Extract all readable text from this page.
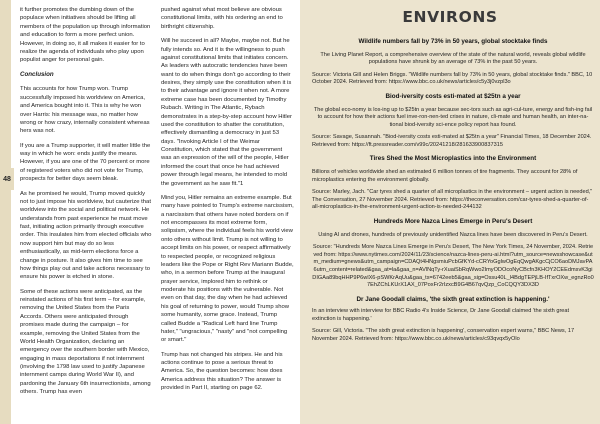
48

it further promotes the dumbing down of the populace when initiatives should be lifting all members of the population up through information and education to form a more perfect union. However, in doing so, it all makes it easier for to realize the agenda of individuals who play upon populist anger for personal gain.

Conclusion

This accounts for how Trump won. Trump successfully imposed his worldview on America, and America bought into it. This is why he won over Harris: his message was, no matter how wrong or how crazy, internally consistent whereas hers was not.

If you are a Trump supporter, it will matter little the way in which he won: ends justify the means. However, if you are one of the 70 percent or more of registered voters who did not vote for Trump, prospects for better days seem bleak.

As he promised he would, Trump moved quickly not to just impose his worldview, but cauterize that worldview into the social and political network. He understands from past experience he must move fast, initiating action primarily through executive order. This insulates him from elected officials who now support him but may do so less enthusiastically, as mid-term elections force a change in posture. It also gives him time to see how things play out and take actions necessary to ensure his power is etched in stone.

Some of these actions were anticipated, as the reinstated actions of his first term – for example, removing the United States from the Paris Accords. Others were anticipated through promises made during the campaign – for example, removing the United States from the World Health Organization, declaring an emergency over the southern border with Mexico, engaging in mass deportations if not internment (involving the 1798 law used to justify Japanese internment camps during World War II), and pardoning the January 6th insurrectionists, among others. Trump has even

pushed against what most believe are obvious constitutional limits, with his ordering an end to birthright citizenship.

Will he succeed in all? Maybe, maybe not. But he fully intends so. And it is the willingness to push against constitutional limits that initiates concern. As leaders with autocratic tendencies have been want to do when things don't go according to their desires, they simply use the constitution when it is to their advantage and ignore it when not. A more extreme case has been documented by Timothy Rubach. Writing in The Atlantic, Rybach demonstrates in a step-by-step account how Hitler used the constitution to shatter the constitution, effectively dismantling a democracy in just 53 days. "Invoking Article I of the Weimar Constitution, which stated that the government was an expression of the will of the people, Hitler informed the court that once he had achieved power through legal means, he intended to mold the government as he saw fit."1

Mind you, Hitler remains an extreme example. But many have pointed to Trump's extreme narcissism, a narcissism that others have noted borders on if not encompasses its most extreme form, solipsism, where the individual feels his world view onto others without limit. Trump is not willing to accept limits on his power, or respect affirmatively to respected people, or recognized religious leaders like the Pope or Right Rev Mariann Budde, who, in a sermon before Trump at the inaugural prayer service, implored him to rethink or moderate his positions with the vulnerable. Not even on that day, the day when he had achieved his goal of returning to power, would Trump show some humanity, some grace. Instead, Trump called Budde a "Radical Left hard line Trump hater," "ungracious," "nasty" and "not compelling or smart."

Trump has not changed his stripes. He and his actions continue to pose a serious threat to America. So, the question becomes: how does America address this situation? The answer is provided in Part II, starting on page 62.

ENVIRONS
Wildlife numbers fall by 73% in 50 years, global stocktake finds
The Living Planet Report, a comprehensive overview of the state of the natural world, reveals global wildlife populations have shrunk by an average of 73% in the past 50 years.
Source: Victoria Gill and Helen Briggs. "Wildlife numbers fall by 73% in 50 years, global stocktake finds." BBC, 10 October 2024. Retrieved from: https://www.bbc.co.uk/news/articles/c5y3j0vzpl3o
Biod-iversity costs esti-mated at $25tn a year
The global eco-nomy is los-ing up to $25tn a year because sec-tors such as agri-cul-ture, energy and fish-ing fail to account for how their actions fuel inve-ron-nen-ted crises in nature, cli-mate and human health, an inter-na-tional biod-iversity sci-ence policy report has found.
Source: Savage, Susannah. "Biod-iversity costs esti-mated at $25tn a year" Financial Times, 18 December 2024. Retrieved from: https://ft.pressreader.com/v99c/20241218/281633900837315
Tires Shed the Most Microplastics into the Environment
Billions of vehicles worldwide shed an estimated 6 million tonnes of tire fragments. They account for 28% of microplastics entering the environment globally.
Source: Marley, Jach. "Car tyres shed a quarter of all microplastics in the environment – urgent action is needed," The Conversation, 27 November 2024. Retrieved from: https://theconversation.com/car-tyres-shed-a-quarter-of-all-microplastics-in-the-environment-urgent-action-is-needed-244132
Hundreds More Nazca Lines Emerge in Peru's Desert
Using AI and drones, hundreds of previously unidentified Nazca lines have been discovered in Peru's Desert.
Source: "Hundreds More Nazca Lines Emerge in Peru's Desert, The New York Times, 24 November, 2024. Retrieved from: https://www.nytimes.com/2024/11/23/science/nazca-lines-peru-ai.html?utm_source=newsshowcase&utm_medium=gnews&utm_campaign=CDAQt4HNgsmiuPcbGfKYd-cCRYoGglwOgEqQwgAKgcCjCO6aoDMJavPA6utm_content=related&gaa_at=la&gaa_n=AVlNqTy-rXuaiSbRqWwo2ImyODOcoNyCBcfn3KHOY2CEEdmsvK3giDIGAa89bqHHP9P6wlX6-pSWKrAqUu&gaa_ts=6742eeb5&gaa_sig=Ossu40L_l4BdgTEPjLB-IfTxrOXw_egnzRo07EhZChLKUrX1AX_07PoxFr2rIzxcB9G4B67qvQzp_CoCQQY3DX3D
Dr Jane Goodall claims, 'the sixth great extinction is happening.'
In an interview with interview for BBC Radio 4's Inside Science, Dr Jane Goodall claimed 'the sixth great extinction is happening.'
Source: Gill, Victoria. "The sixth great extinction is happening', conservation expert warns," BBC News, 17 November 2024. Retrieved from: https://www.bbc.co.uk/news/articles/c93qvqx5yOlo
